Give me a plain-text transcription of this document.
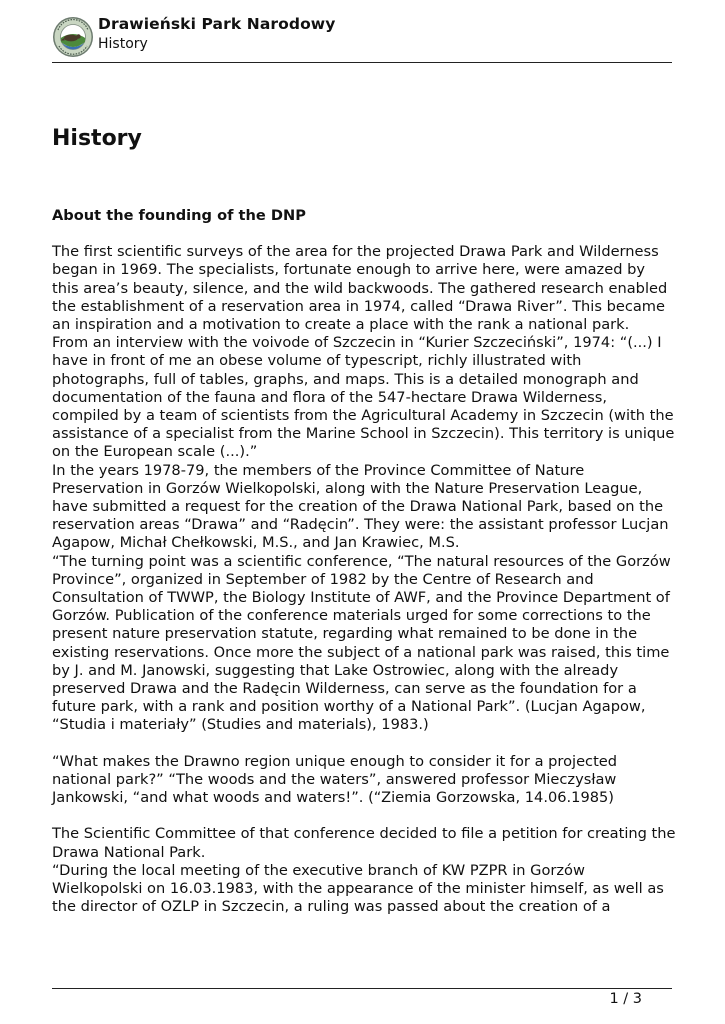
Drawieński Park Narodowy
History
History
About the founding of the DNP

The first scientific surveys of the area for the projected Drawa Park and Wilderness began in 1969. The specialists, fortunate enough to arrive here, were amazed by this area’s beauty, silence, and the wild backwoods. The gathered research enabled the establishment of a reservation area in 1974, called “Drawa River”. This became an inspiration and a motivation to create a place with the rank a national park.

From an interview with the voivode of Szczecin in “Kurier Szczeciński”, 1974: “(...) I have in front of me an obese volume of typescript, richly illustrated with photographs, full of tables, graphs, and maps. This is a detailed monograph and documentation of the fauna and flora of the 547-hectare Drawa Wilderness, compiled by a team of scientists from the Agricultural Academy in Szczecin (with the assistance of a specialist from the Marine School in Szczecin). This territory is unique on the European scale (...).”

In the years 1978-79, the members of the Province Committee of Nature Preservation in Gorzów Wielkopolski, along with the Nature Preservation League, have submitted a request for the creation of the Drawa National Park, based on the reservation areas “Drawa” and “Radęcin”. They were: the assistant professor Lucjan Agapow, Michał Chełkowski, M.S., and Jan Krawiec, M.S.

“The turning point was a scientific conference, “The natural resources of the Gorzów Province”, organized in September of 1982 by the Centre of Research and Consultation of TWWP, the Biology Institute of AWF, and the Province Department of Gorzów. Publication of the conference materials urged for some corrections to the present nature preservation statute, regarding what remained to be done in the existing reservations. Once more the subject of a national park was raised, this time by J. and M. Janowski, suggesting that Lake Ostrowiec, along with the already preserved Drawa and the Radęcin Wilderness, can serve as the foundation for a future park, with a rank and position worthy of a National Park”. (Lucjan Agapow, “Studia i materiały” (Studies and materials), 1983.)

“What makes the Drawno region unique enough to consider it for a projected national park?” “The woods and the waters”, answered professor Mieczysław Jankowski, “and what woods and waters!”. (“Ziemia Gorzowska, 14.06.1985)

The Scientific Committee of that conference decided to file a petition for creating the Drawa National Park.

“During the local meeting of the executive branch of KW PZPR in Gorzów Wielkopolski on 16.03.1983, with the appearance of the minister himself, as well as the director of OZLP in Szczecin, a ruling was passed about the creation of a

1 / 3
